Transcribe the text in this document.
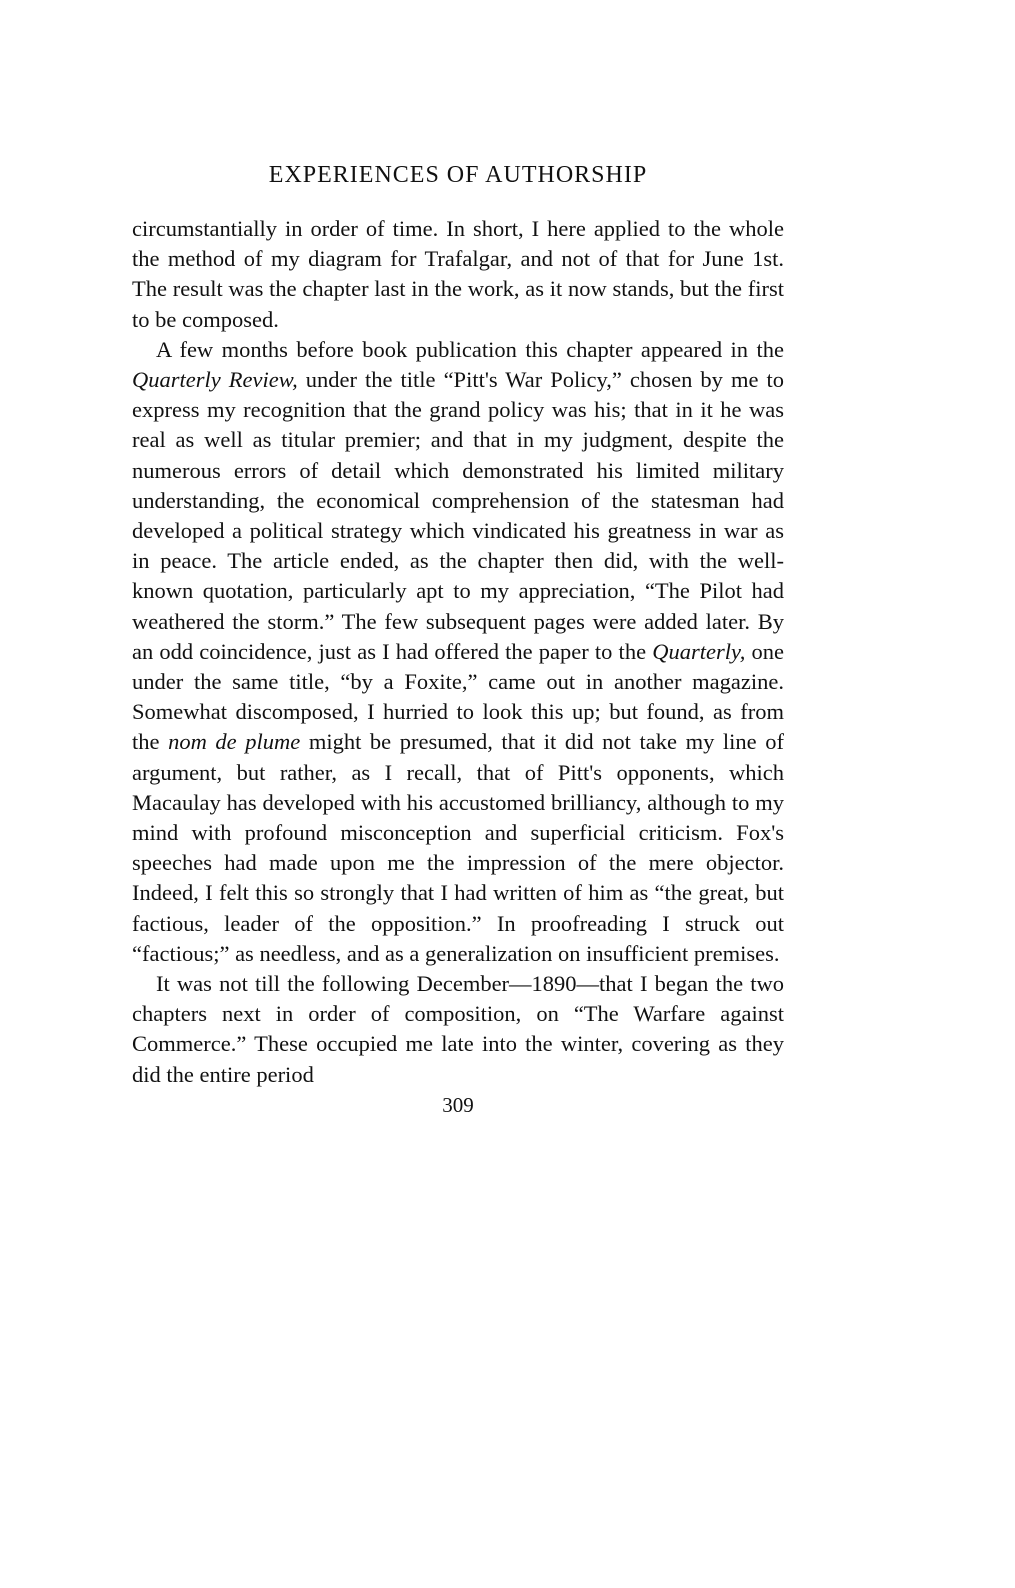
EXPERIENCES OF AUTHORSHIP

circumstantially in order of time. In short, I here applied to the whole the method of my diagram for Trafalgar, and not of that for June 1st. The result was the chapter last in the work, as it now stands, but the first to be composed.

A few months before book publication this chapter appeared in the Quarterly Review, under the title “Pitt's War Policy,” chosen by me to express my recognition that the grand policy was his; that in it he was real as well as titular premier; and that in my judgment, despite the numerous errors of detail which demonstrated his limited military understanding, the economical comprehension of the statesman had developed a political strategy which vindicated his greatness in war as in peace. The article ended, as the chapter then did, with the well-known quotation, particularly apt to my appreciation, “The Pilot had weathered the storm.” The few subsequent pages were added later. By an odd coincidence, just as I had offered the paper to the Quarterly, one under the same title, “by a Foxite,” came out in another magazine. Somewhat discomposed, I hurried to look this up; but found, as from the nom de plume might be presumed, that it did not take my line of argument, but rather, as I recall, that of Pitt's opponents, which Macaulay has developed with his accustomed brilliancy, although to my mind with profound misconception and superficial criticism. Fox's speeches had made upon me the impression of the mere objector. Indeed, I felt this so strongly that I had written of him as “the great, but factious, leader of the opposition.” In proofreading I struck out “factious;” as needless, and as a generalization on insufficient premises.

It was not till the following December—1890—that I began the two chapters next in order of composition, on “The Warfare against Commerce.” These occupied me late into the winter, covering as they did the entire period

309
